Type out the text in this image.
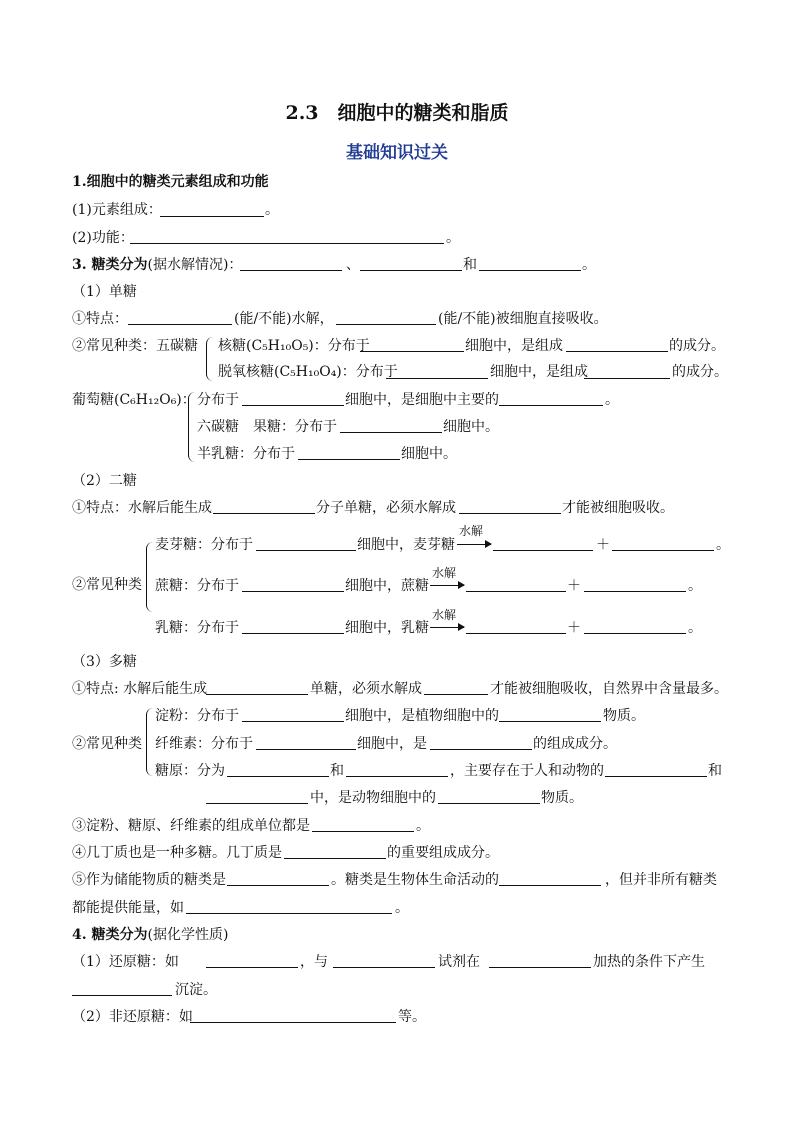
2.3　细胞中的糖类和脂质
基础知识过关
1.细胞中的糖类元素组成和功能
(1)元素组成：	。
(2)功能：	。
3. 糖类分为(据水解情况)：	、	和	。
（1）单糖
①特点：	(能/不能)水解，	(能/不能)被细胞直接吸收。
②常见种类：五碳糖 核糖(C₅H₁₀O₅)：分布于	细胞中，是组成	的成分。
脱氧核糖(C₅H₁₀O₄)：分布于	细胞中，是组成	的成分。
葡萄糖(C₆H₁₂O₆)： 分布于	细胞中，是细胞中主要的	。
六碳糖　果糖：分布于	细胞中。
半乳糖：分布于	细胞中。
（2）二糖
①特点：水解后能生成	分子单糖，必须水解成	才能被细胞吸收。
②常见种类
麦芽糖：分布于	细胞中，麦芽糖
水解
＋	。
蔗糖：分布于	细胞中，蔗糖
水解
＋	。
乳糖：分布于	细胞中，乳糖
水解
＋	。
（3）多糖
①特点: 水解后能生成	单糖，必须水解成	才能被细胞吸收，自然界中含量最多。
②常见种类
淀粉：分布于	细胞中，是植物细胞中的	物质。
纤维素：分布于	细胞中，是	的组成成分。
糖原：分为	和	，主要存在于人和动物的	和
中，是动物细胞中的	物质。
③淀粉、糖原、纤维素的组成单位都是	。
④几丁质也是一种多糖。几丁质是	的重要组成成分。
⑤作为储能物质的糖类是	。糖类是生物体生命活动的	，但并非所有糖类
都能提供能量，如	。
4. 糖类分为(据化学性质)
（1）还原糖：如	，与	试剂在	加热的条件下产生
沉淀。
（2）非还原糖：如	等。
